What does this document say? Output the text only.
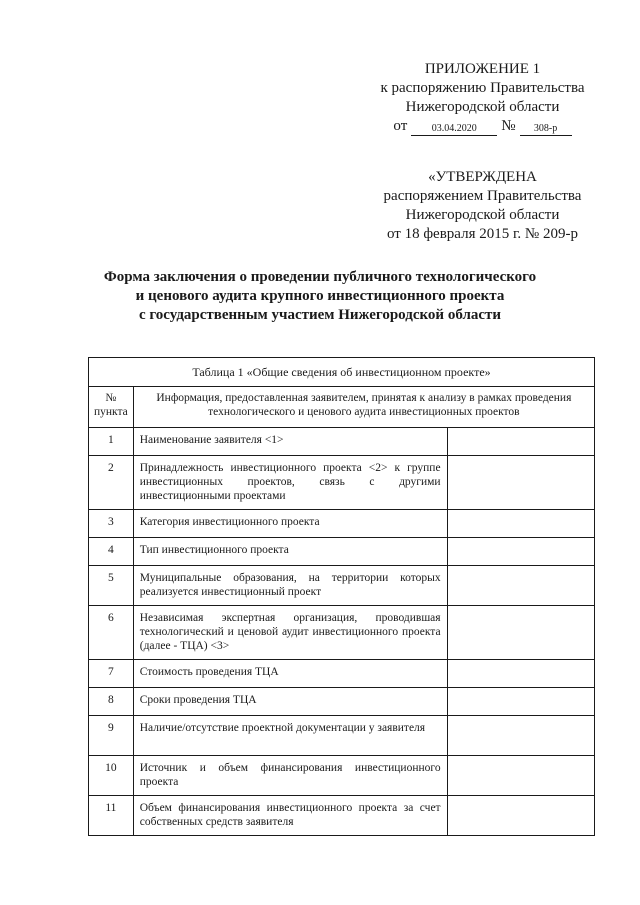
ПРИЛОЖЕНИЕ 1
к распоряжению Правительства
Нижегородской области
от	03.04.2020	№	308-р
«УТВЕРЖДЕНА
распоряжением Правительства
Нижегородской области
от 18 февраля 2015 г. № 209-р
Форма заключения о проведении публичного технологического
и ценового аудита крупного инвестиционного проекта
с государственным участием Нижегородской области
Таблица 1 «Общие сведения об инвестиционном проекте»		
№ пункта	Информация, предоставленная заявителем, принятая к анализу в рамках проведения технологического и ценового аудита инвестиционных проектов	
1	Наименование заявителя <1>	
2	Принадлежность инвестиционного проекта <2> к группе инвестиционных проектов, связь с другими инвестиционными проектами	
3	Категория инвестиционного проекта	
4	Тип инвестиционного проекта	
5	Муниципальные образования, на территории которых реализуется инвестиционный проект	
6	Независимая экспертная организация, проводившая технологический и ценовой аудит инвестиционного проекта (далее - ТЦА) <3>	
7	Стоимость проведения ТЦА	
8	Сроки проведения ТЦА	
9	Наличие/отсутствие проектной документации у заявителя	
10	Источник и объем финансирования инвестиционного проекта	
11	Объем финансирования инвестиционного проекта за счет собственных средств заявителя	
